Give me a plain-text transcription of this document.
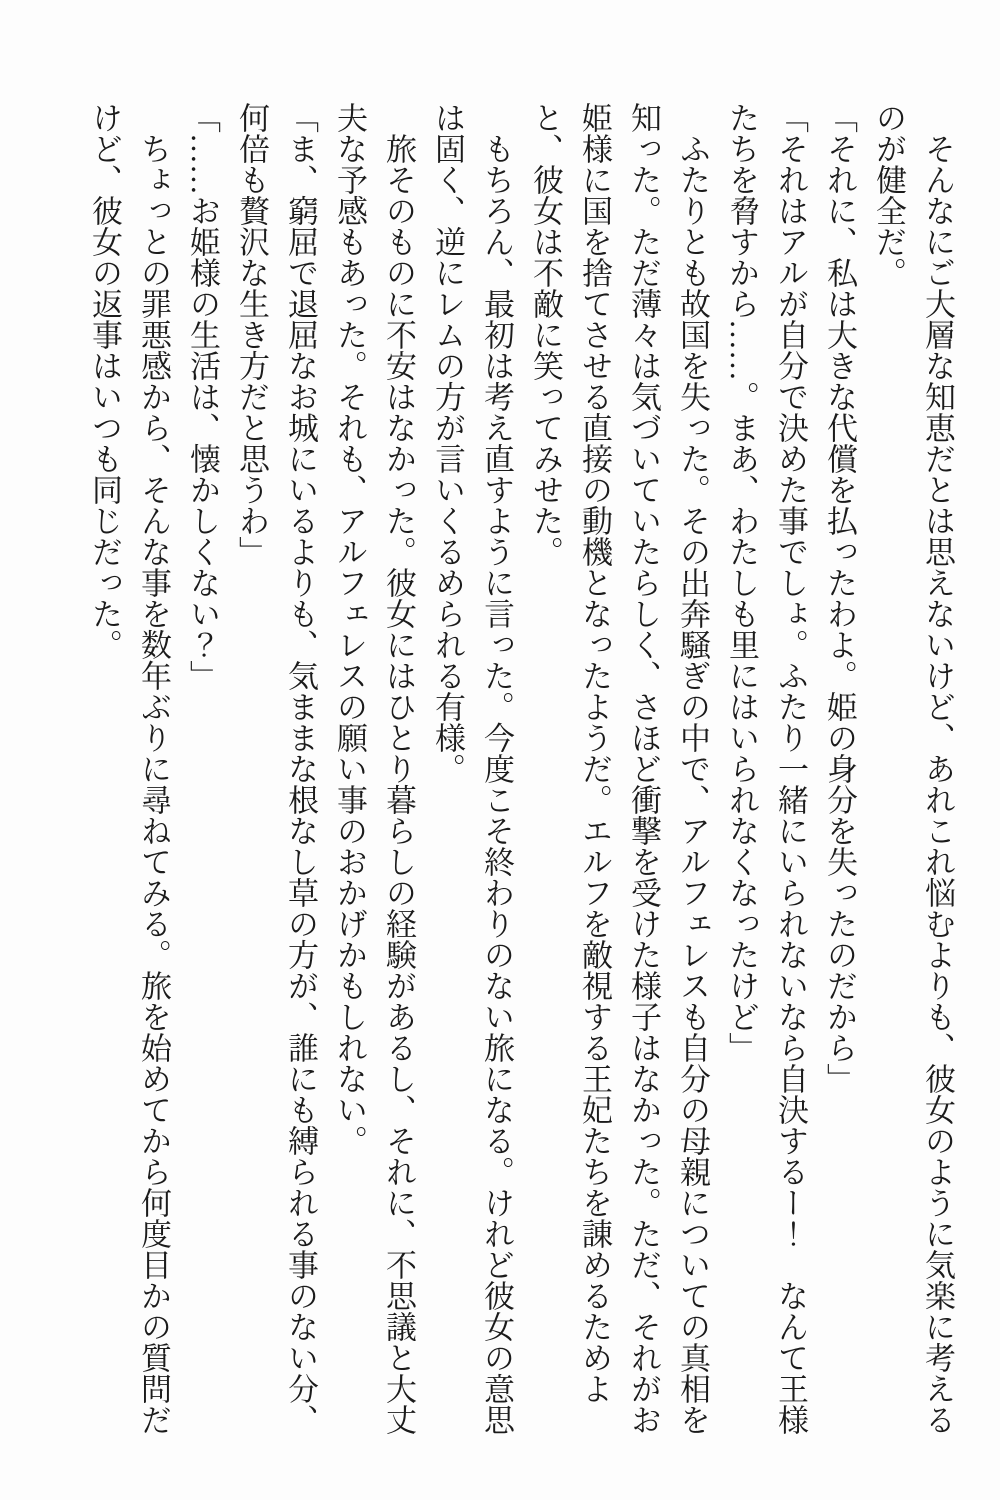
　そんなにご大層な知恵だとは思えないけど、あれこれ悩むよりも、彼女のように気楽に考える
のが健全だ。
「それに、私は大きな代償を払ったわよ。姫の身分を失ったのだから」
「それはアルが自分で決めた事でしょ。ふたり一緒にいられないなら自決するー！　なんて王様
たちを脅すから……。まあ、わたしも里にはいられなくなったけど」
　ふたりとも故国を失った。その出奔騒ぎの中で、アルフェレスも自分の母親についての真相を
知った。ただ薄々は気づいていたらしく、さほど衝撃を受けた様子はなかった。ただ、それがお
姫様に国を捨てさせる直接の動機となったようだ。エルフを敵視する王妃たちを諌めるためよ
と、彼女は不敵に笑ってみせた。
　もちろん、最初は考え直すように言った。今度こそ終わりのない旅になる。けれど彼女の意思
は固く、逆にレムの方が言いくるめられる有様。
　旅そのものに不安はなかった。彼女にはひとり暮らしの経験があるし、それに、不思議と大丈
夫な予感もあった。それも、アルフェレスの願い事のおかげかもしれない。
「ま、窮屈で退屈なお城にいるよりも、気ままな根なし草の方が、誰にも縛られる事のない分、
何倍も贅沢な生き方だと思うわ」
「……お姫様の生活は、懐かしくない？」
　ちょっとの罪悪感から、そんな事を数年ぶりに尋ねてみる。旅を始めてから何度目かの質問だ
けど、彼女の返事はいつも同じだった。
